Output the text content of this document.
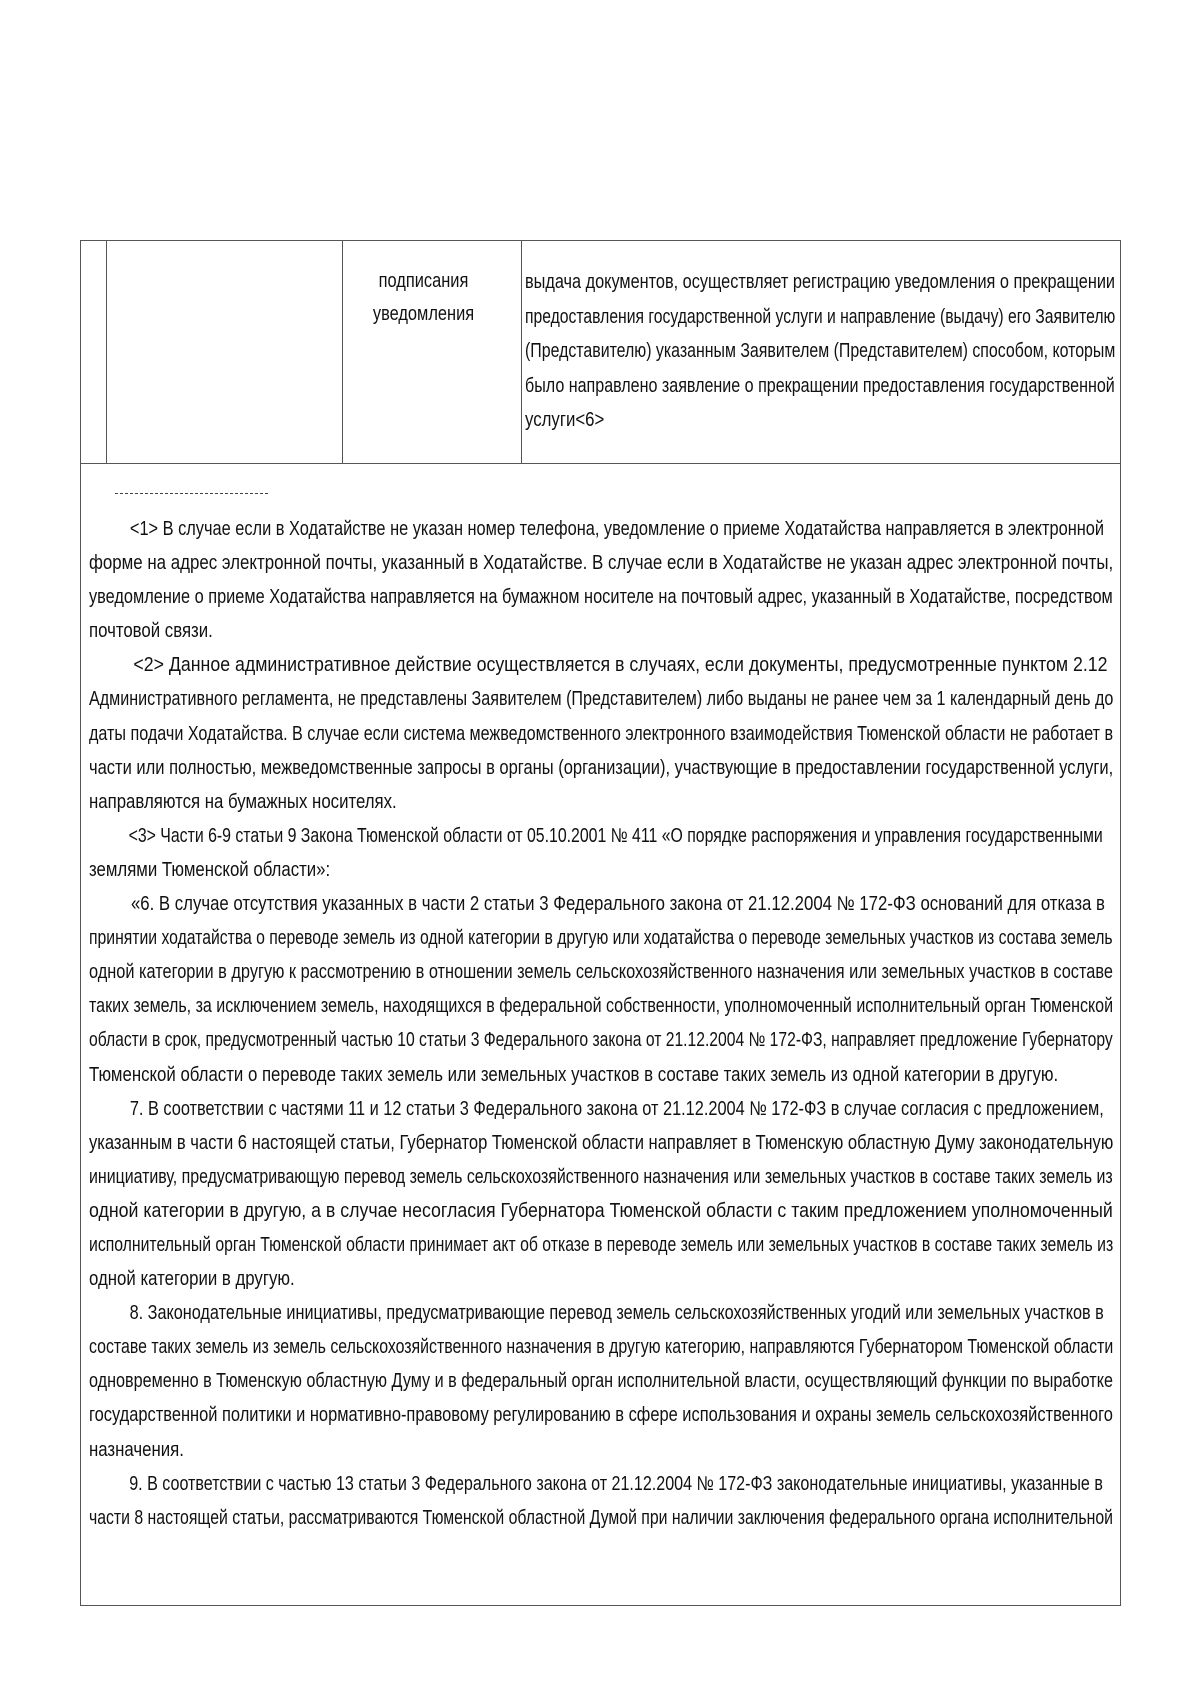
подписания
уведомления
выдача документов, осуществляет регистрацию уведомления о прекращении
предоставления государственной услуги и направление (выдачу) его Заявителю
(Представителю) указанным Заявителем (Представителем) способом, которым
было направлено заявление о прекращении предоставления государственной
услуги<6>
<1> В случае если в Ходатайстве не указан номер телефона, уведомление о приеме Ходатайства направляется в электронной
форме на адрес электронной почты, указанный в Ходатайстве. В случае если в Ходатайстве не указан адрес электронной почты,
уведомление о приеме Ходатайства направляется на бумажном носителе на почтовый адрес, указанный в Ходатайстве, посредством
почтовой связи.
<2> Данное административное действие осуществляется в случаях, если документы, предусмотренные пунктом 2.12
Административного регламента, не представлены Заявителем (Представителем) либо выданы не ранее чем за 1 календарный день до
даты подачи Ходатайства. В случае если система межведомственного электронного взаимодействия Тюменской области не работает в
части или полностью, межведомственные запросы в органы (организации), участвующие в предоставлении государственной услуги,
направляются на бумажных носителях.
<3> Части 6-9 статьи 9 Закона Тюменской области от 05.10.2001 № 411 «О порядке распоряжения и управления государственными
землями Тюменской области»:
«6. В случае отсутствия указанных в части 2 статьи 3 Федерального закона от 21.12.2004 № 172-ФЗ оснований для отказа в
принятии ходатайства о переводе земель из одной категории в другую или ходатайства о переводе земельных участков из состава земель
одной категории в другую к рассмотрению в отношении земель сельскохозяйственного назначения или земельных участков в составе
таких земель, за исключением земель, находящихся в федеральной собственности, уполномоченный исполнительный орган Тюменской
области в срок, предусмотренный частью 10 статьи 3 Федерального закона от 21.12.2004 № 172-ФЗ, направляет предложение Губернатору
Тюменской области о переводе таких земель или земельных участков в составе таких земель из одной категории в другую.
7. В соответствии с частями 11 и 12 статьи 3 Федерального закона от 21.12.2004 № 172-ФЗ в случае согласия с предложением,
указанным в части 6 настоящей статьи, Губернатор Тюменской области направляет в Тюменскую областную Думу законодательную
инициативу, предусматривающую перевод земель сельскохозяйственного назначения или земельных участков в составе таких земель из
одной категории в другую, а в случае несогласия Губернатора Тюменской области с таким предложением уполномоченный
исполнительный орган Тюменской области принимает акт об отказе в переводе земель или земельных участков в составе таких земель из
одной категории в другую.
8. Законодательные инициативы, предусматривающие перевод земель сельскохозяйственных угодий или земельных участков в
составе таких земель из земель сельскохозяйственного назначения в другую категорию, направляются Губернатором Тюменской области
одновременно в Тюменскую областную Думу и в федеральный орган исполнительной власти, осуществляющий функции по выработке
государственной политики и нормативно-правовому регулированию в сфере использования и охраны земель сельскохозяйственного
назначения.
9. В соответствии с частью 13 статьи 3 Федерального закона от 21.12.2004 № 172-ФЗ законодательные инициативы, указанные в
части 8 настоящей статьи, рассматриваются Тюменской областной Думой при наличии заключения федерального органа исполнительной
